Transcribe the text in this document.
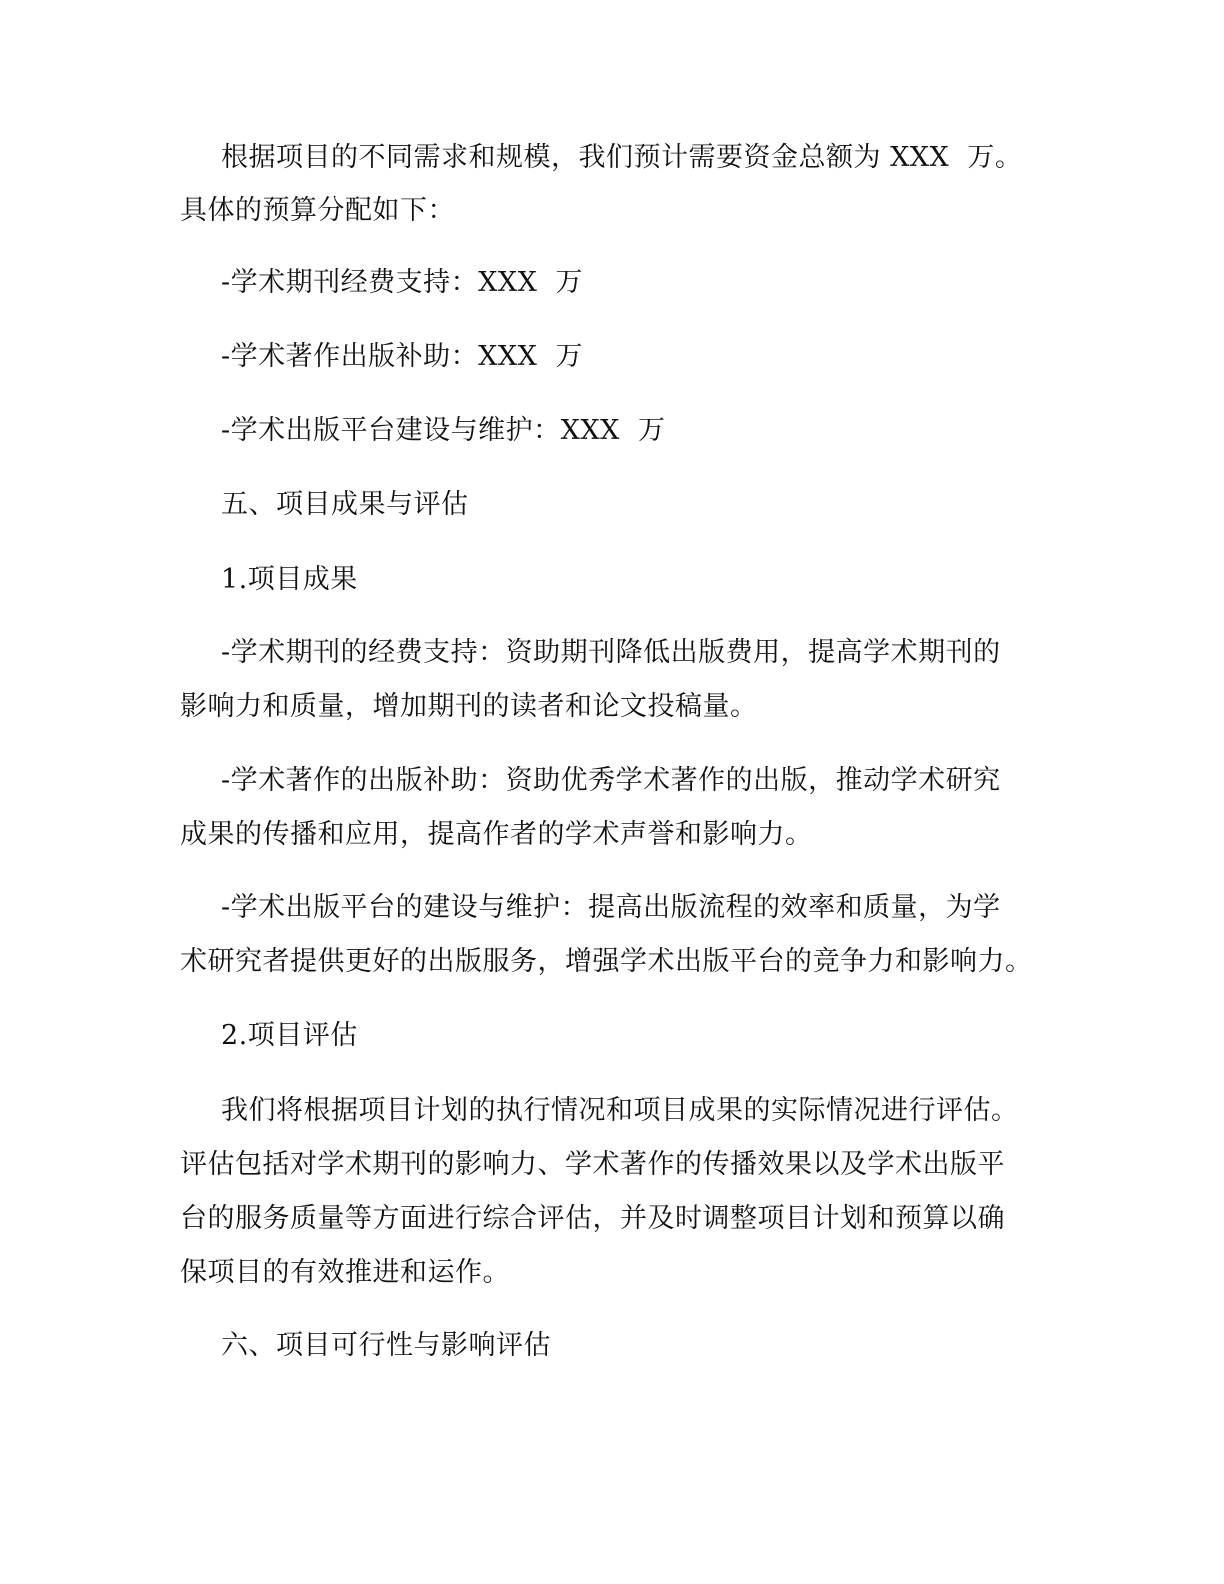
根据项目的不同需求和规模，我们预计需要资金总额为 XXX  万。
具体的预算分配如下：
-学术期刊经费支持：XXX  万
-学术著作出版补助：XXX  万
-学术出版平台建设与维护：XXX  万
五、项目成果与评估
1.项目成果
-学术期刊的经费支持：资助期刊降低出版费用，提高学术期刊的
影响力和质量，增加期刊的读者和论文投稿量。
-学术著作的出版补助：资助优秀学术著作的出版，推动学术研究
成果的传播和应用，提高作者的学术声誉和影响力。
-学术出版平台的建设与维护：提高出版流程的效率和质量，为学
术研究者提供更好的出版服务，增强学术出版平台的竞争力和影响力。
2.项目评估
我们将根据项目计划的执行情况和项目成果的实际情况进行评估。
评估包括对学术期刊的影响力、学术著作的传播效果以及学术出版平
台的服务质量等方面进行综合评估，并及时调整项目计划和预算以确
保项目的有效推进和运作。
六、项目可行性与影响评估
